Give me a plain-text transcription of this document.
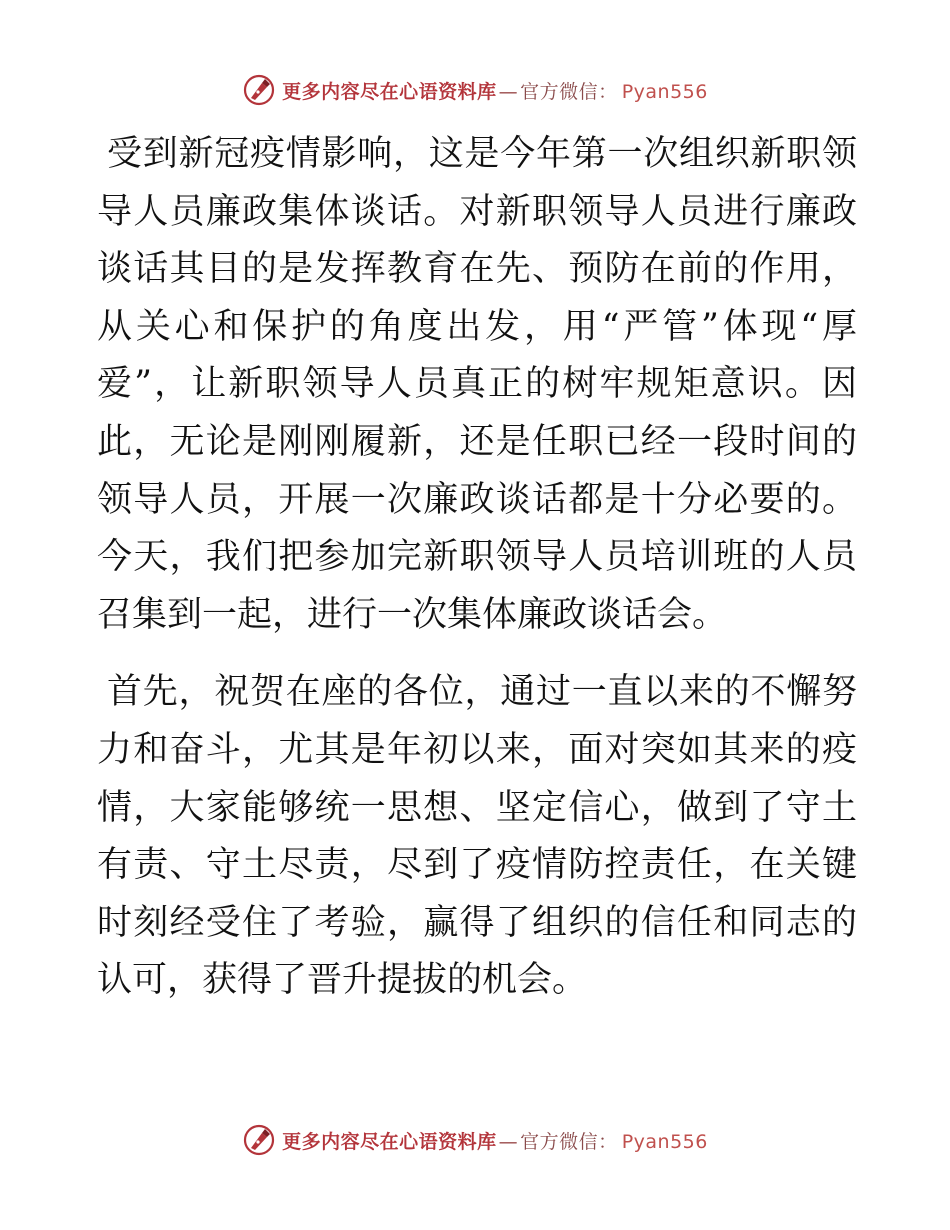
更多内容尽在心语资料库 — 官方微信： Pyan556

受到新冠疫情影响，这是今年第一次组织新职领导人员廉政集体谈话。对新职领导人员进行廉政谈话其目的是发挥教育在先、预防在前的作用，从关心和保护的角度出发，用“严管”体现“厚爱”，让新职领导人员真正的树牢规矩意识。因此，无论是刚刚履新，还是任职已经一段时间的领导人员，开展一次廉政谈话都是十分必要的。今天，我们把参加完新职领导人员培训班的人员召集到一起，进行一次集体廉政谈话会。

首先，祝贺在座的各位，通过一直以来的不懈努力和奋斗，尤其是年初以来，面对突如其来的疫情，大家能够统一思想、坚定信心，做到了守土有责、守土尽责，尽到了疫情防控责任，在关键时刻经受住了考验，赢得了组织的信任和同志的认可，获得了晋升提拔的机会。

更多内容尽在心语资料库 — 官方微信： Pyan556
